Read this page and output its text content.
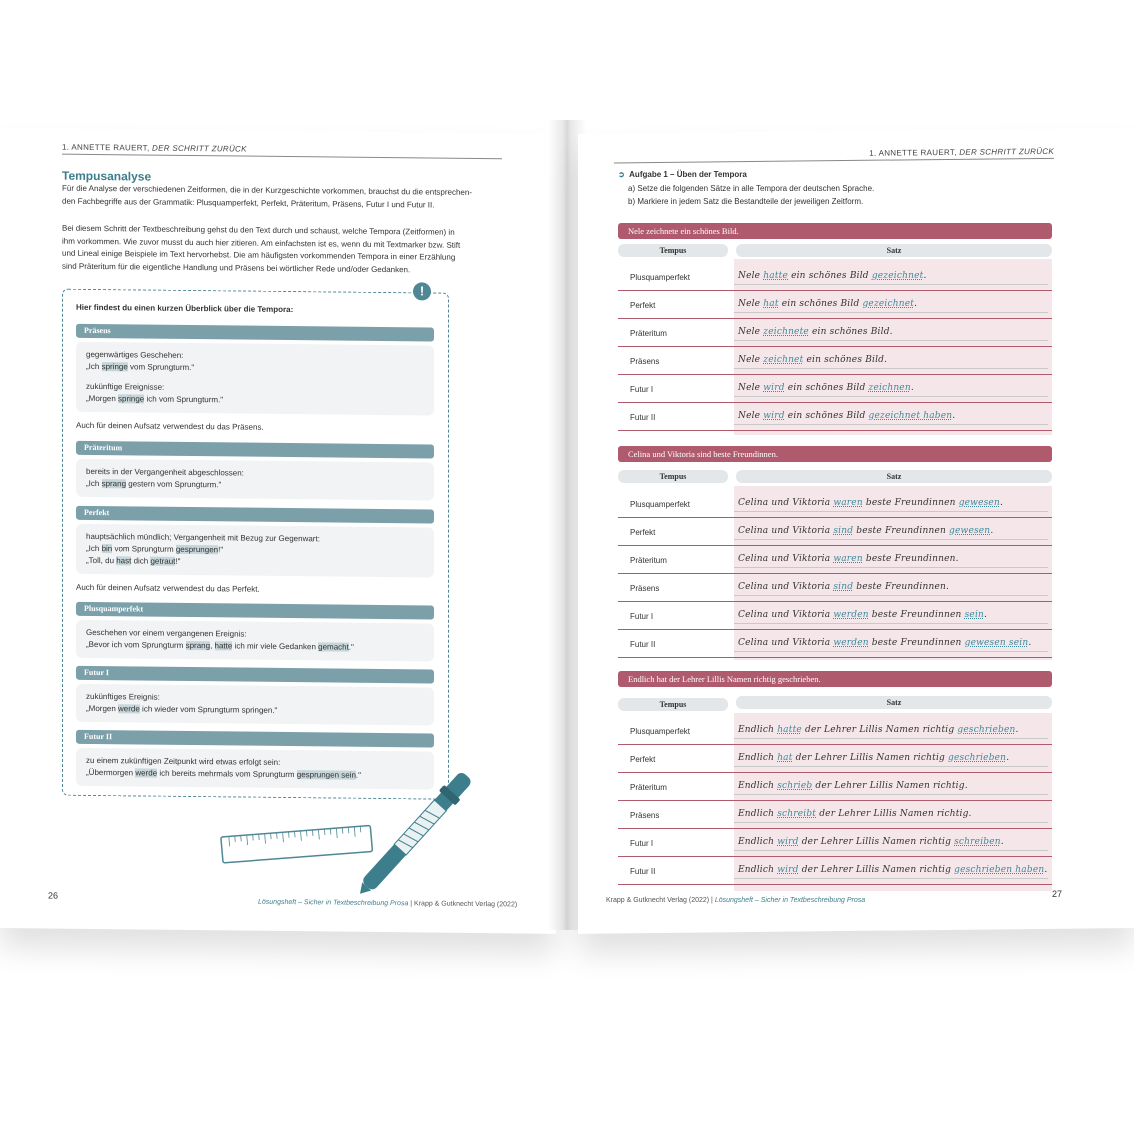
1. ANNETTE RAUERT, DER SCHRITT ZURÜCK
Tempusanalyse
Für die Analyse der verschiedenen Zeitformen, die in der Kurzgeschichte vorkommen, brauchst du die entsprechen-
den Fachbegriffe aus der Grammatik: Plusquamperfekt, Perfekt, Präteritum, Präsens, Futur I und Futur II.
Bei diesem Schritt der Textbeschreibung gehst du den Text durch und schaust, welche Tempora (Zeitformen) in
ihm vorkommen. Wie zuvor musst du auch hier zitieren. Am einfachsten ist es, wenn du mit Textmarker bzw. Stift
und Lineal einige Beispiele im Text hervorhebst. Die am häufigsten vorkommenden Tempora in einer Erzählung
sind Präteritum für die eigentliche Handlung und Präsens bei wörtlicher Rede und/oder Gedanken.
!
Hier findest du einen kurzen Überblick über die Tempora:
Präsens
gegenwärtiges Geschehen:
„Ich springe vom Sprungturm."
zukünftige Ereignisse:
„Morgen springe ich vom Sprungturm."
Auch für deinen Aufsatz verwendest du das Präsens.
Präteritum
bereits in der Vergangenheit abgeschlossen:
„Ich sprang gestern vom Sprungturm."
Perfekt
hauptsächlich mündlich; Vergangenheit mit Bezug zur Gegenwart:
„Ich bin vom Sprungturm gesprungen!"
„Toll, du hast dich getraut!"
Auch für deinen Aufsatz verwendest du das Perfekt.
Plusquamperfekt
Geschehen vor einem vergangenen Ereignis:
„Bevor ich vom Sprungturm sprang, hatte ich mir viele Gedanken gemacht."
Futur I
zukünftiges Ereignis:
„Morgen werde ich wieder vom Sprungturm springen."
Futur II
zu einem zukünftigen Zeitpunkt wird etwas erfolgt sein:
„Übermorgen werde ich bereits mehrmals vom Sprungturm gesprungen sein."
26
Lösungsheft – Sicher in Textbeschreibung Prosa | Krapp & Gutknecht Verlag (2022)
1. ANNETTE RAUERT, DER SCHRITT ZURÜCK
➲ Aufgabe 1 – Üben der Tempora
a) Setze die folgenden Sätze in alle Tempora der deutschen Sprache.
b) Markiere in jedem Satz die Bestandteile der jeweiligen Zeitform.
Nele zeichnete ein schönes Bild.
Tempus	Satz
Plusquamperfekt	Nele hatte ein schönes Bild gezeichnet.
Perfekt	Nele hat ein schönes Bild gezeichnet.
Präteritum	Nele zeichnete ein schönes Bild.
Präsens	Nele zeichnet ein schönes Bild.
Futur I	Nele wird ein schönes Bild zeichnen.
Futur II	Nele wird ein schönes Bild gezeichnet haben.
Celina und Viktoria sind beste Freundinnen.
Tempus	Satz
Plusquamperfekt	Celina und Viktoria waren beste Freundinnen gewesen.
Perfekt	Celina und Viktoria sind beste Freundinnen gewesen.
Präteritum	Celina und Viktoria waren beste Freundinnen.
Präsens	Celina und Viktoria sind beste Freundinnen.
Futur I	Celina und Viktoria werden beste Freundinnen sein.
Futur II	Celina und Viktoria werden beste Freundinnen gewesen sein.
Endlich hat der Lehrer Lillis Namen richtig geschrieben.
Tempus	Satz
Plusquamperfekt	Endlich hatte der Lehrer Lillis Namen richtig geschrieben.
Perfekt	Endlich hat der Lehrer Lillis Namen richtig geschrieben.
Präteritum	Endlich schrieb der Lehrer Lillis Namen richtig.
Präsens	Endlich schreibt der Lehrer Lillis Namen richtig.
Futur I	Endlich wird der Lehrer Lillis Namen richtig schreiben.
Futur II	Endlich wird der Lehrer Lillis Namen richtig geschrieben haben.
Krapp & Gutknecht Verlag (2022) | Lösungsheft – Sicher in Textbeschreibung Prosa
27
